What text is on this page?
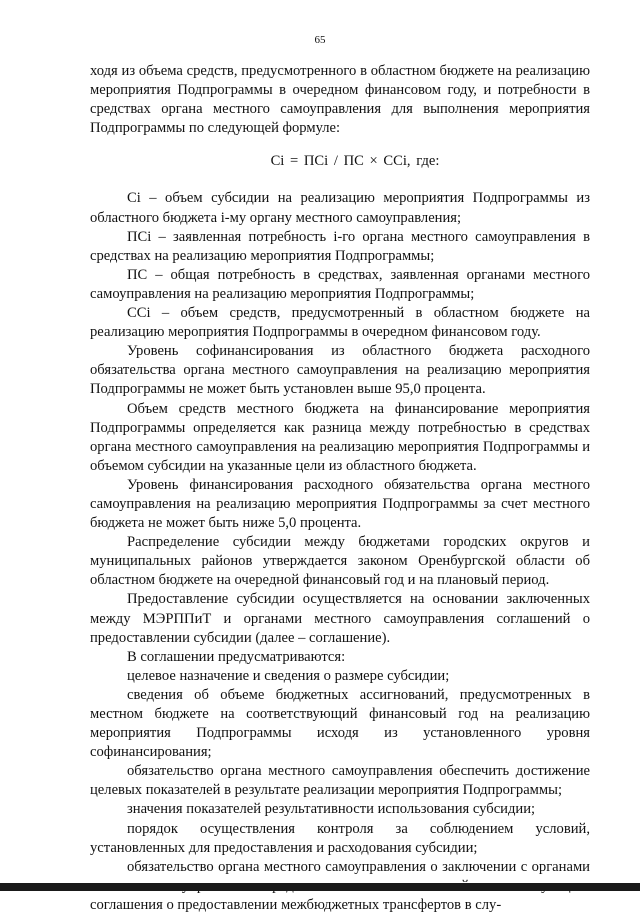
65

ходя из объема средств, предусмотренного в областном бюджете на реализацию мероприятия Подпрограммы в очередном финансовом году, и потребности в средствах органа местного самоуправления для выполнения мероприятия Подпрограммы по следующей формуле:

Ci = ПСi / ПС × ССi, где:

Ci – объем субсидии на реализацию мероприятия Подпрограммы из областного бюджета i-му органу местного самоуправления;

ПСi – заявленная потребность i-го органа местного самоуправления в средствах на реализацию мероприятия Подпрограммы;

ПС – общая потребность в средствах, заявленная органами местного самоуправления на реализацию мероприятия Подпрограммы;

ССi – объем средств, предусмотренный в областном бюджете на реализацию мероприятия Подпрограммы в очередном финансовом году.

Уровень софинансирования из областного бюджета расходного обязательства органа местного самоуправления на реализацию мероприятия Подпрограммы не может быть установлен выше 95,0 процента.

Объем средств местного бюджета на финансирование мероприятия Подпрограммы определяется как разница между потребностью в средствах органа местного самоуправления на реализацию мероприятия Подпрограммы и объемом субсидии на указанные цели из областного бюджета.

Уровень финансирования расходного обязательства органа местного самоуправления на реализацию мероприятия Подпрограммы за счет местного бюджета не может быть ниже 5,0 процента.

Распределение субсидии между бюджетами городских округов и муниципальных районов утверждается законом Оренбургской области об областном бюджете на очередной финансовый год и на плановый период.

Предоставление субсидии осуществляется на основании заключенных между МЭРППиТ и органами местного самоуправления соглашений о предоставлении субсидии (далее – соглашение).

В соглашении предусматриваются:

целевое назначение и сведения о размере субсидии;

сведения об объеме бюджетных ассигнований, предусмотренных в местном бюджете на соответствующий финансовый год на реализацию мероприятия Подпрограммы исходя из установленного уровня софинансирования;

обязательство органа местного самоуправления обеспечить достижение целевых показателей в результате реализации мероприятия Подпрограммы;

значения показателей результативности использования субсидии;

порядок осуществления контроля за соблюдением условий, установленных для предоставления и расходования субсидии;

обязательство органа местного самоуправления о заключении с органами соглашения о предоставлении межбюджетных трансфертов в слу-
